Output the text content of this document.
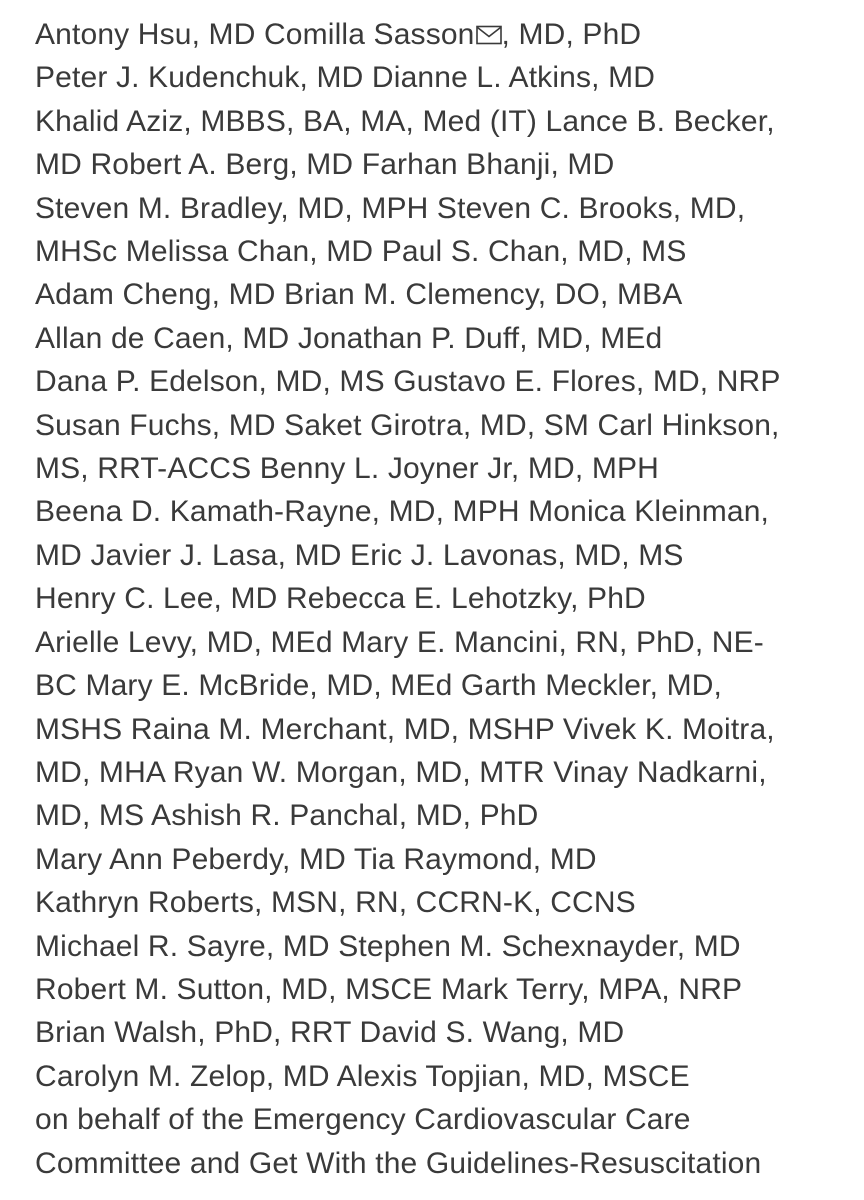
Antony Hsu, MD Comilla Sasson , MD, PhD
Peter J. Kudenchuk, MD Dianne L. Atkins, MD
Khalid Aziz, MBBS, BA, MA, Med (IT) Lance B. Becker,
MD Robert A. Berg, MD Farhan Bhanji, MD
Steven M. Bradley, MD, MPH Steven C. Brooks, MD,
MHSc Melissa Chan, MD Paul S. Chan, MD, MS
Adam Cheng, MD Brian M. Clemency, DO, MBA
Allan de Caen, MD Jonathan P. Duff, MD, MEd
Dana P. Edelson, MD, MS Gustavo E. Flores, MD, NRP
Susan Fuchs, MD Saket Girotra, MD, SM Carl Hinkson,
MS, RRT-ACCS Benny L. Joyner Jr, MD, MPH
Beena D. Kamath-Rayne, MD, MPH Monica Kleinman,
MD Javier J. Lasa, MD Eric J. Lavonas, MD, MS
Henry C. Lee, MD Rebecca E. Lehotzky, PhD
Arielle Levy, MD, MEd Mary E. Mancini, RN, PhD, NE-
BC Mary E. McBride, MD, MEd Garth Meckler, MD,
MSHS Raina M. Merchant, MD, MSHP Vivek K. Moitra,
MD, MHA Ryan W. Morgan, MD, MTR Vinay Nadkarni,
MD, MS Ashish R. Panchal, MD, PhD
Mary Ann Peberdy, MD Tia Raymond, MD
Kathryn Roberts, MSN, RN, CCRN-K, CCNS
Michael R. Sayre, MD Stephen M. Schexnayder, MD
Robert M. Sutton, MD, MSCE Mark Terry, MPA, NRP
Brian Walsh, PhD, RRT David S. Wang, MD
Carolyn M. Zelop, MD Alexis Topjian, MD, MSCE
on behalf of the Emergency Cardiovascular Care
Committee and Get With the Guidelines-Resuscitation
